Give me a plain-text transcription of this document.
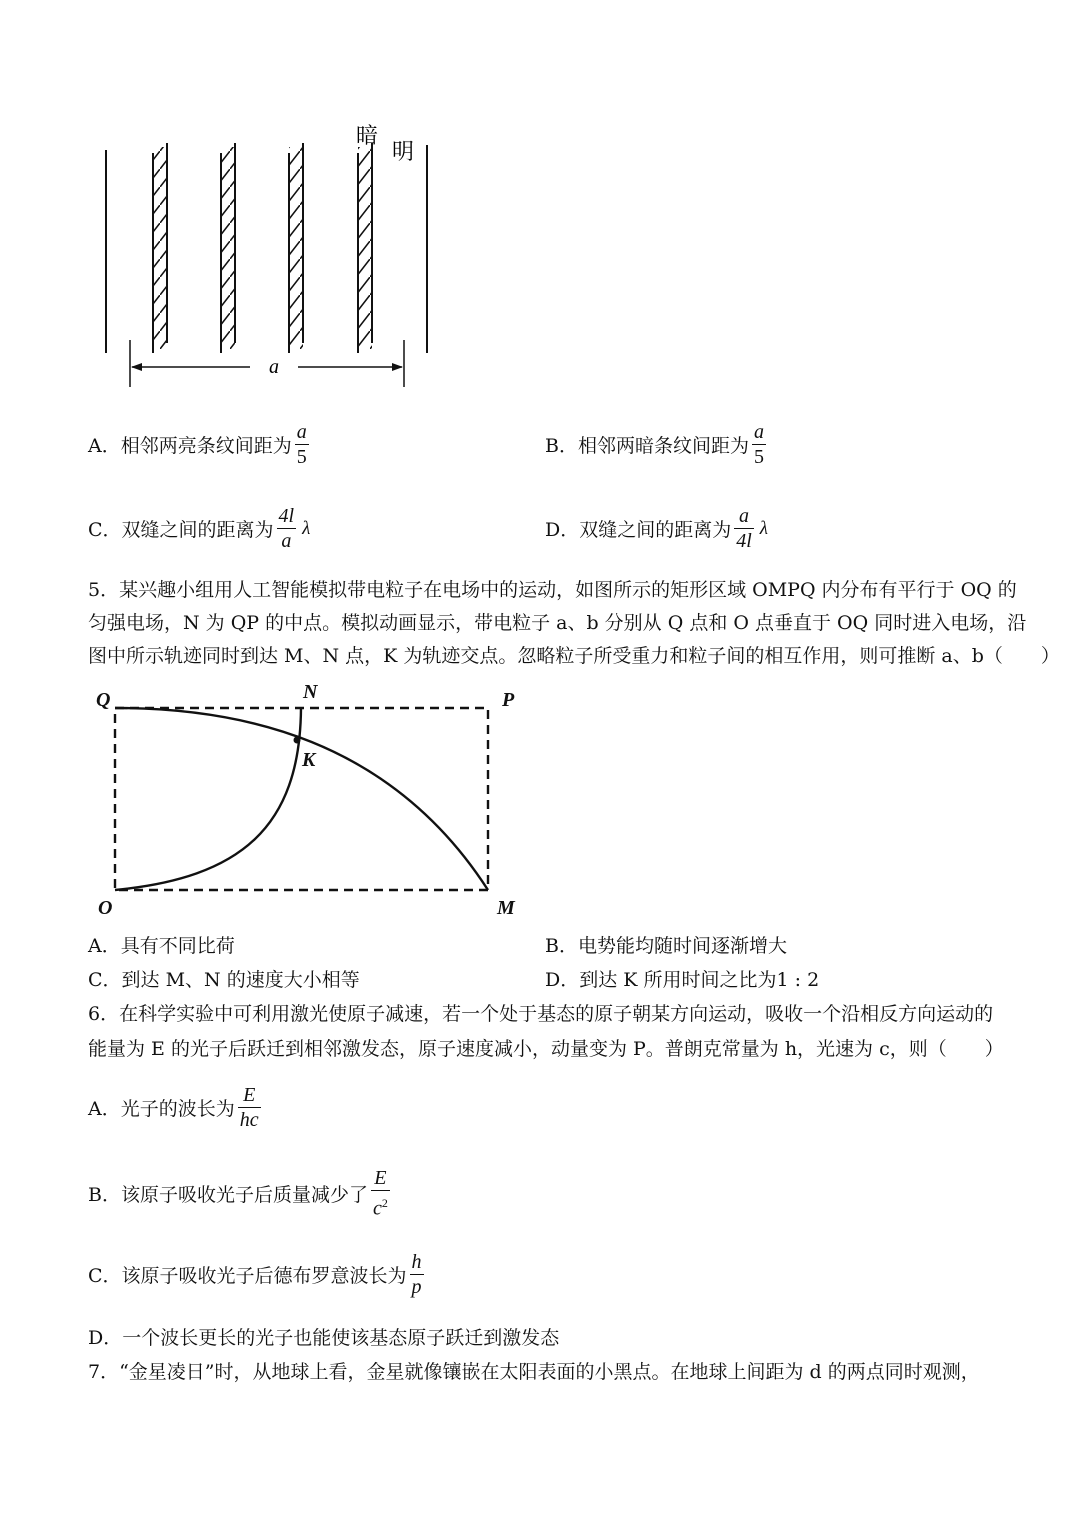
a
暗
明
A．相邻两亮条纹间距为 $\frac{a}{5}$	B．相邻两暗条纹间距为 $\frac{a}{5}$
C．双缝之间的距离为 $\frac{4l}{a}$ λ	D．双缝之间的距离为 $\frac{a}{4l}$ λ
5．某兴趣小组用人工智能模拟带电粒子在电场中的运动，如图所示的矩形区域 OMPQ 内分布有平行于 OQ 的
匀强电场，N 为 QP 的中点。模拟动画显示，带电粒子 a、b 分别从 Q 点和 O 点垂直于 OQ 同时进入电场，沿
图中所示轨迹同时到达 M、N 点，K 为轨迹交点。忽略粒子所受重力和粒子间的相互作用，则可推断 a、b（　　）
Q	N	P
K
O	M
A．具有不同比荷	B．电势能均随时间逐渐增大
C．到达 M、N 的速度大小相等	D．到达 K 所用时间之比为1 : 2
6．在科学实验中可利用激光使原子减速，若一个处于基态的原子朝某方向运动，吸收一个沿相反方向运动的
能量为 E 的光子后跃迁到相邻激发态，原子速度减小，动量变为 P。普朗克常量为 h，光速为 c，则（　　）
A．光子的波长为 $\frac{E}{hc}$
B．该原子吸收光子后质量减少了 $\frac{E}{c^2}$
C．该原子吸收光子后德布罗意波长为 $\frac{h}{p}$
D．一个波长更长的光子也能使该基态原子跃迁到激发态
7．“金星凌日”时，从地球上看，金星就像镶嵌在太阳表面的小黑点。在地球上间距为 d 的两点同时观测，
